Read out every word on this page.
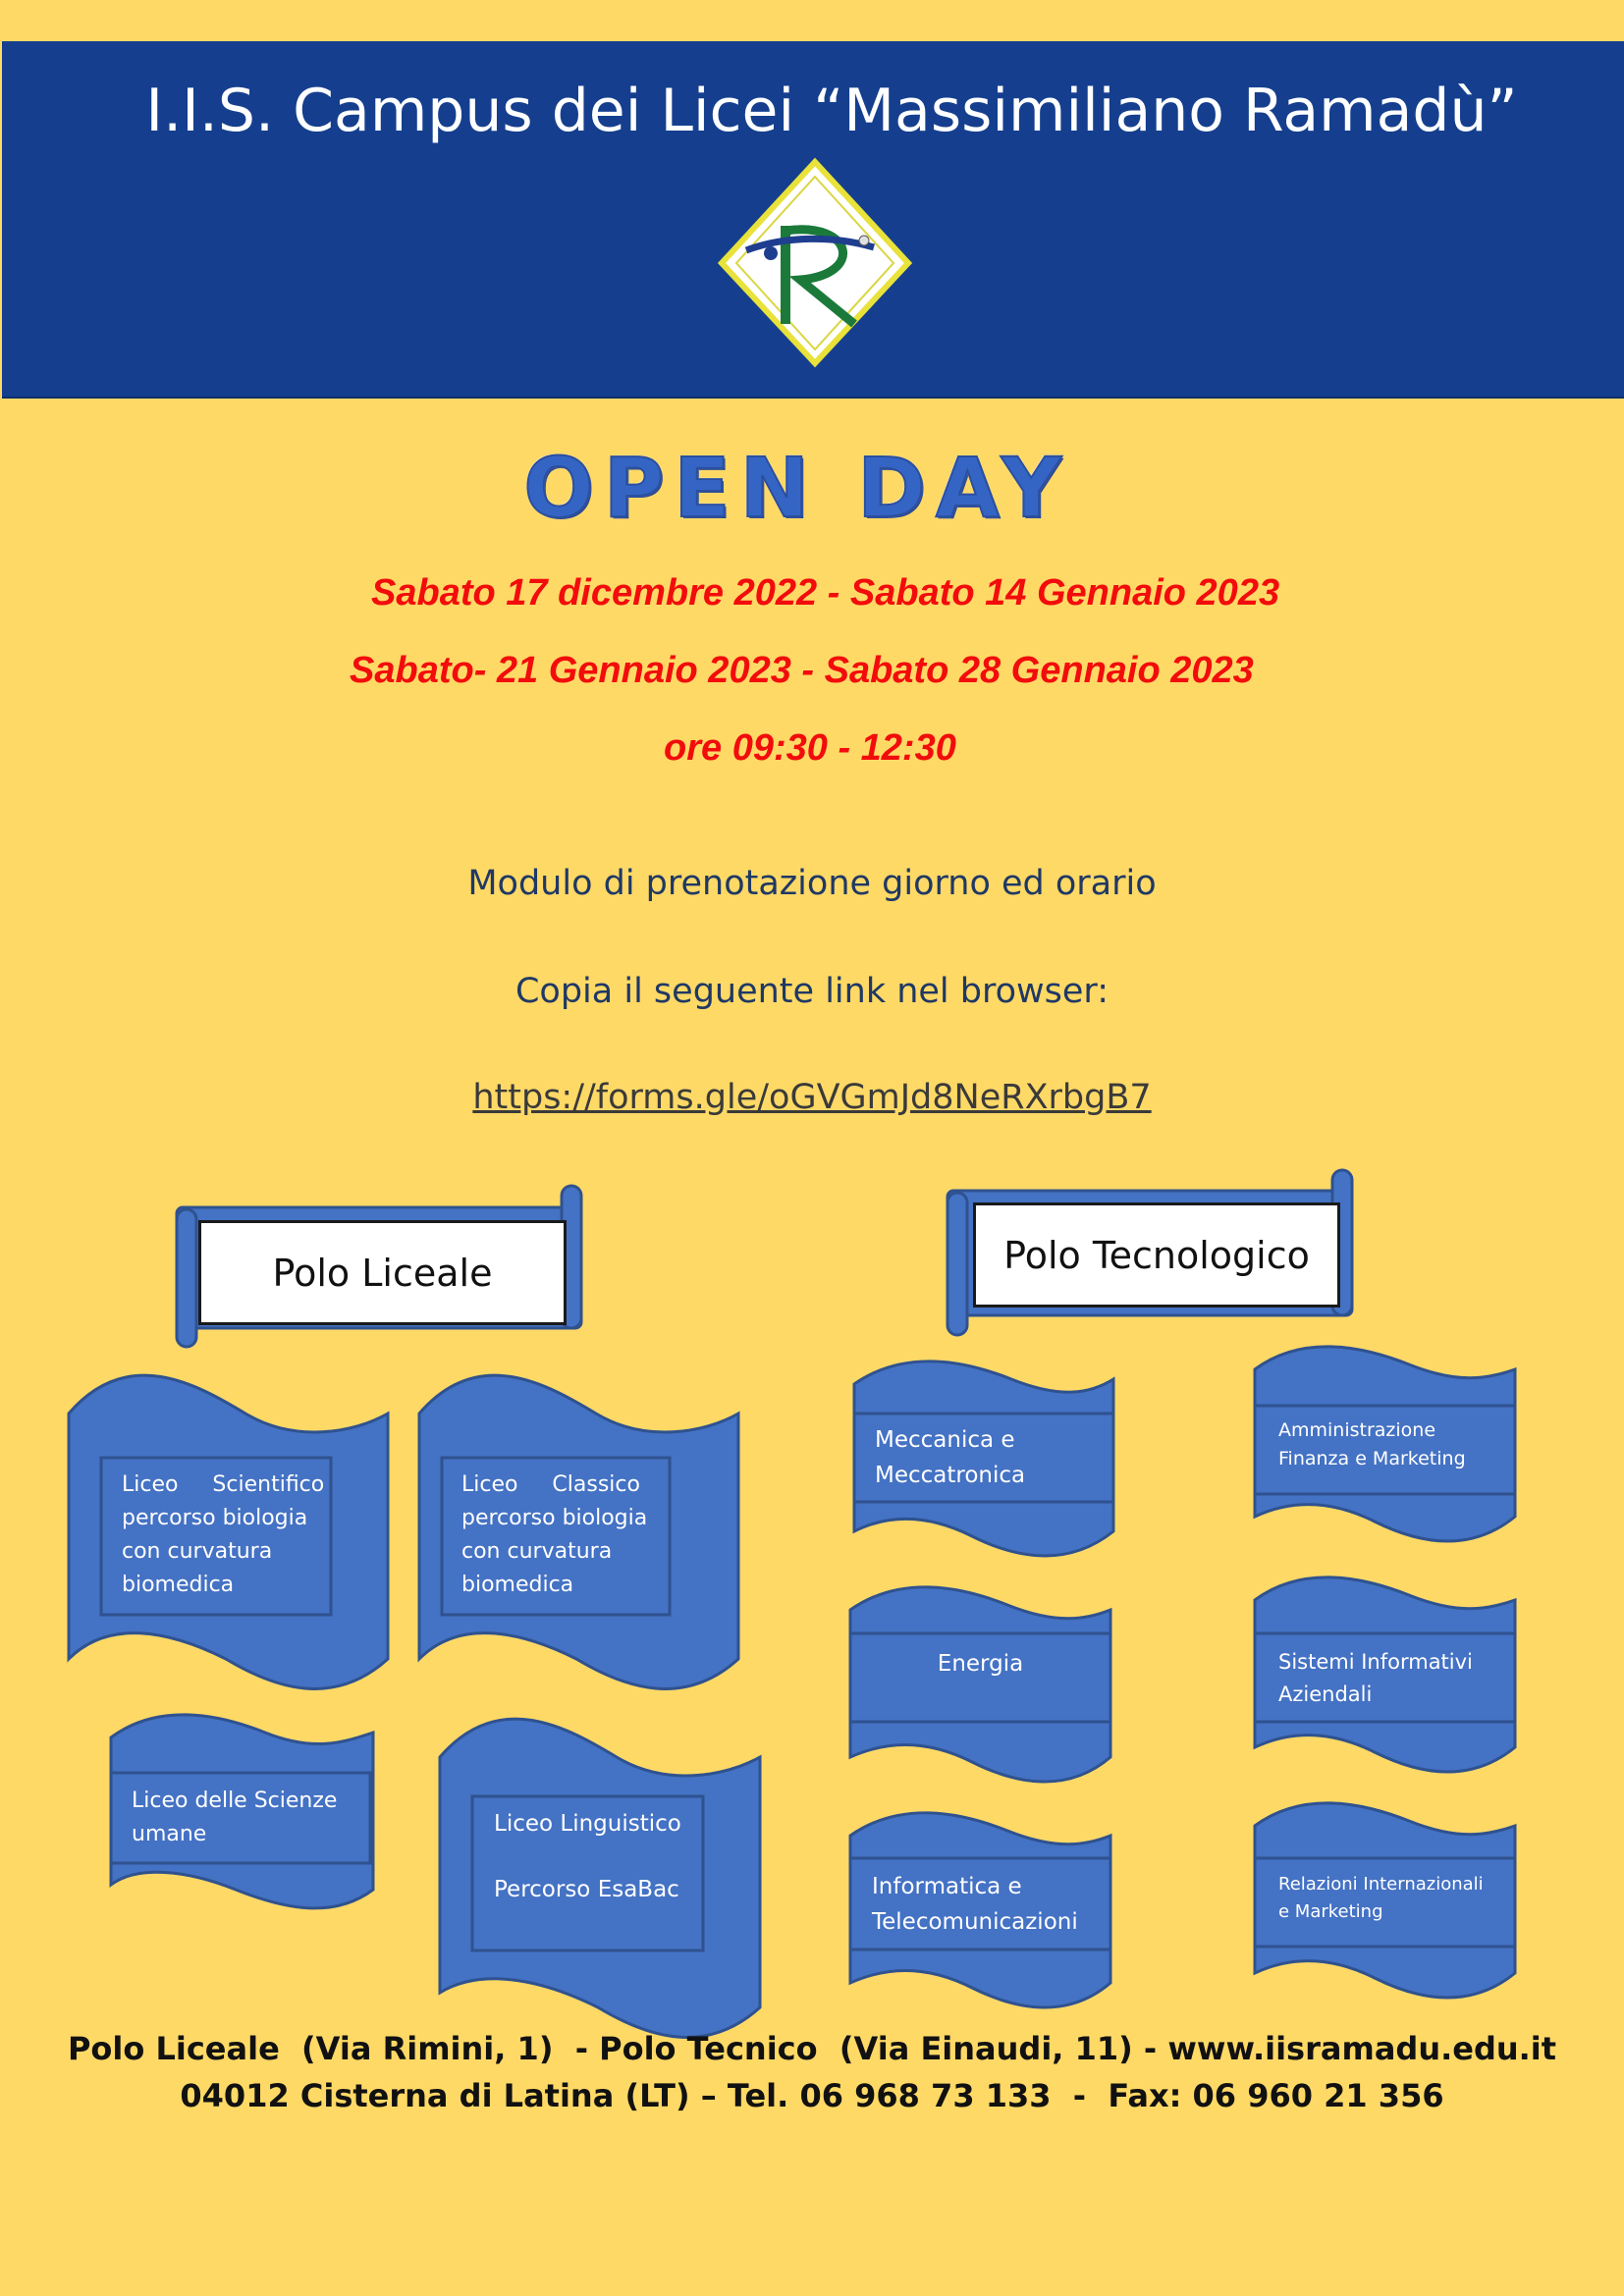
I.I.S. Campus dei Licei “Massimiliano Ramadù”
OPEN DAY
Sabato 17 dicembre 2022 - Sabato 14 Gennaio 2023
Sabato- 21 Gennaio 2023 - Sabato 28 Gennaio 2023
ore 09:30 - 12:30
Modulo di prenotazione giorno ed orario
Copia il seguente link nel browser:
https://forms.gle/oGVGmJd8NeRXrbgB7
Polo Liceale	Polo Tecnologico
Liceo     Scientifico
percorso biologia
con curvatura
biomedica
Liceo     Classico
percorso biologia
con curvatura
biomedica
Liceo delle Scienze
umane	Liceo Linguistico

Percorso EsaBac
Meccanica e
Meccatronica
Amministrazione
Finanza e Marketing
Energia	Sistemi Informativi
Aziendali
Informatica e
Telecomunicazioni
Relazioni Internazionali
e Marketing
Polo Liceale  (Via Rimini, 1)  - Polo Tecnico  (Via Einaudi, 11) - www.iisramadu.edu.it
04012 Cisterna di Latina (LT) – Tel. 06 968 73 133  -  Fax: 06 960 21 356
